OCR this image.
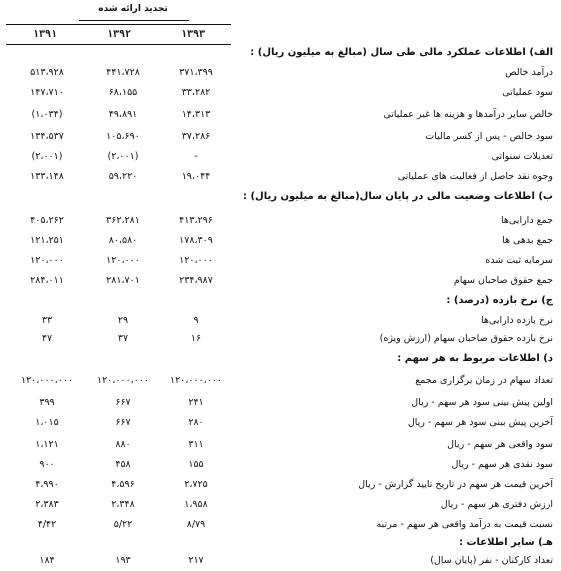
تجدید ارائه شده
۱۳۹۳
۱۳۹۲
۱۳۹۱
الف) اطلاعات عملکرد مالی طی سال (مبالغ به میلیون ریال) :
درآمد خالص
۳۷۱،۳۹۹
۴۴۱،۷۲۸
۵۱۳،۹۲۸
سود عملیاتی
۳۳،۲۸۲
۶۸،۱۵۵
۱۴۷،۷۱۰
خالص سایر درآمدها و هزینه ها غیر عملیاتی
۱۴،۳۱۳
۴۹،۸۹۱
(۱،۰۳۴)
سود خالص - پس از کسر مالیات
۳۷،۲۸۶
۱۰۵،۶۹۰
۱۳۴،۵۳۷
تعدیلات سنواتی
-
(۲،۰۰۱)
(۲،۰۰۱)
وجوه نقد حاصل از فعالیت های عملیاتی
۱۹،۰۴۴
۵۹،۲۲۰
۱۳۳،۱۴۸
ب) اطلاعات وضعیت مالی در پایان سال(مبالغ به میلیون ریال) :
جمع دارایی‌ها
۴۱۳،۲۹۶
۳۶۲،۲۸۱
۴۰۵،۲۶۲
جمع بدهی ها
۱۷۸،۳۰۹
۸۰،۵۸۰
۱۲۱،۲۵۱
سرمایه ثبت شده
۱۲۰،۰۰۰
۱۲۰،۰۰۰
۱۲۰،۰۰۰
جمع حقوق صاحبان سهام
۲۳۴،۹۸۷
۲۸۱،۷۰۱
۲۸۴،۰۱۱
ج) نرخ بازده (درصد) :
نرخ بازده دارایی‌ها
۹
۲۹
۳۳
نرخ بازده حقوق صاحبان سهام (ارزش ویژه)
۱۶
۳۷
۴۷
د) اطلاعات مربوط به هر سهم :
تعداد سهام در زمان برگزاری مجمع
۱۲۰،۰۰۰،۰۰۰
۱۲۰،۰۰۰،۰۰۰
۱۲۰،۰۰۰،۰۰۰
اولین پیش بینی سود هر سهم - ریال
۲۴۱
۶۶۷
۳۹۹
آخرین پیش بینی سود هر سهم - ریال
۲۸۰
۶۶۷
۱،۰۱۵
سود واقعی هر سهم - ریال
۳۱۱
۸۸۰
۱،۱۲۱
سود نقدی هر سهم - ریال
۱۵۵
۴۵۸
۹۰۰
آخرین قیمت هر سهم در تاریخ تایید گزارش - ریال
۲،۷۲۵
۴،۵۹۶
۴،۹۹۰
ارزش دفتری هر سهم - ریال
۱،۹۵۸
۲،۳۴۸
۲،۳۸۳
نسبت قیمت به درآمد واقعی هر سهم - مرتبه
۸/۷۹
۵/۲۲
۴/۴۲
هـ) سایر اطلاعات :
تعداد کارکنان - نفر (پایان سال)
۲۱۷
۱۹۳
۱۸۴
